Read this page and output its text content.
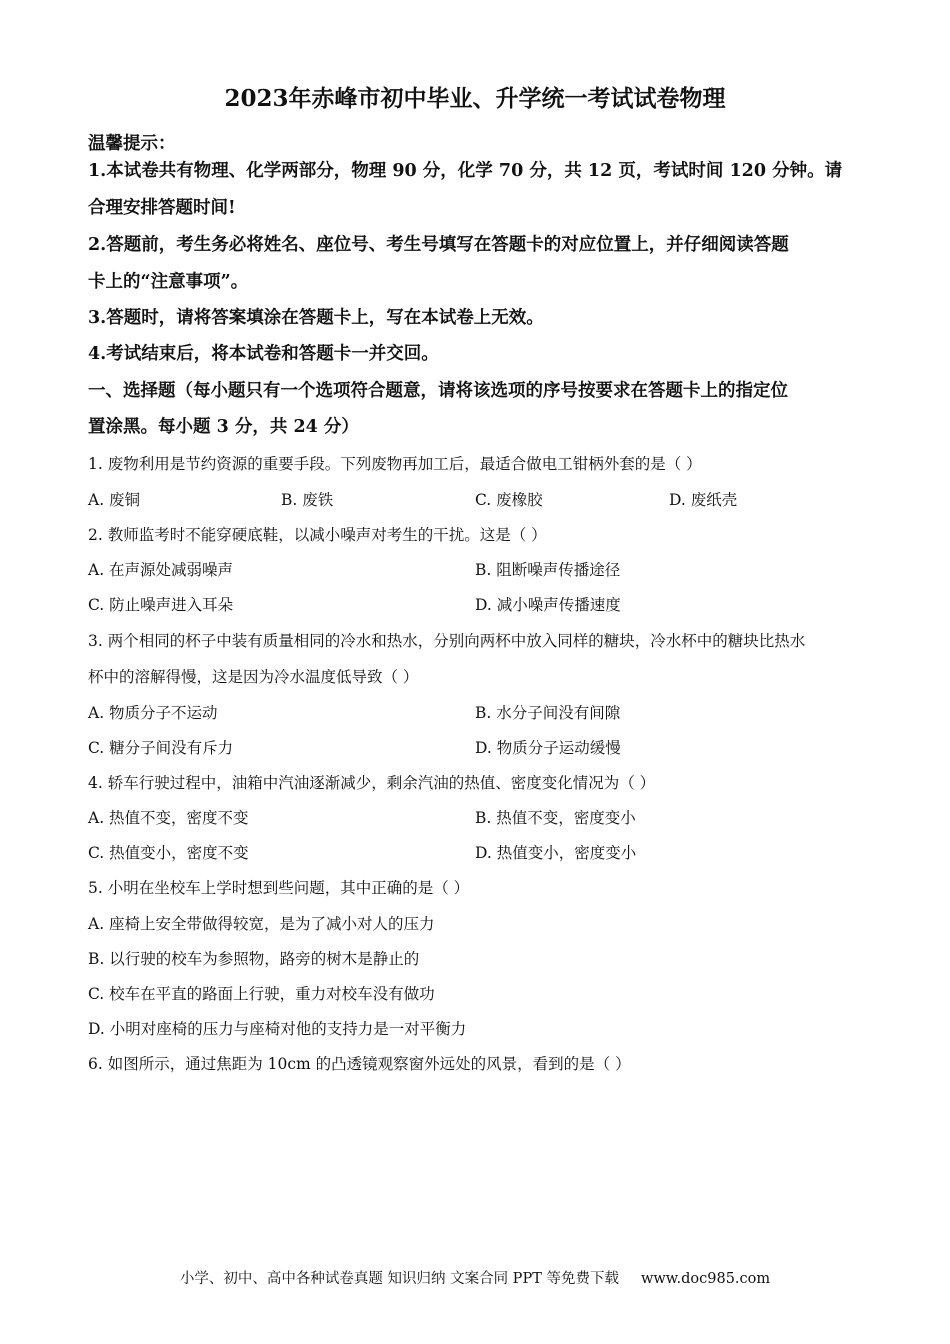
2023年赤峰市初中毕业、升学统一考试试卷物理
温馨提示：
1.本试卷共有物理、化学两部分，物理 90 分，化学 70 分，共 12 页，考试时间 120 分钟。请
合理安排答题时间!
2.答题前，考生务必将姓名、座位号、考生号填写在答题卡的对应位置上，并仔细阅读答题
卡上的“注意事项”。
3.答题时，请将答案填涂在答题卡上，写在本试卷上无效。
4.考试结束后，将本试卷和答题卡一并交回。
一、选择题（每小题只有一个选项符合题意，请将该选项的序号按要求在答题卡上的指定位
置涂黑。每小题 3 分，共 24 分）
1. 废物利用是节约资源的重要手段。下列废物再加工后，最适合做电工钳柄外套的是（ ）
A. 废铜	B. 废铁	C. 废橡胶	D. 废纸壳
2. 教师监考时不能穿硬底鞋，以减小噪声对考生的干扰。这是（ ）
A. 在声源处减弱噪声	B. 阻断噪声传播途径
C. 防止噪声进入耳朵	D. 减小噪声传播速度
3. 两个相同的杯子中装有质量相同的冷水和热水，分别向两杯中放入同样的糖块，冷水杯中的糖块比热水
杯中的溶解得慢，这是因为冷水温度低导致（ ）
A. 物质分子不运动	B. 水分子间没有间隙
C. 糖分子间没有斥力	D. 物质分子运动缓慢
4. 轿车行驶过程中，油箱中汽油逐渐减少，剩余汽油的热值、密度变化情况为（ ）
A. 热值不变，密度不变	B. 热值不变，密度变小
C. 热值变小，密度不变	D. 热值变小，密度变小
5. 小明在坐校车上学时想到些问题，其中正确的是（ ）
A. 座椅上安全带做得较宽，是为了减小对人的压力
B. 以行驶的校车为参照物，路旁的树木是静止的
C. 校车在平直的路面上行驶，重力对校车没有做功
D. 小明对座椅的压力与座椅对他的支持力是一对平衡力
6. 如图所示，通过焦距为 10cm 的凸透镜观察窗外远处的风景，看到的是（ ）
小学、初中、高中各种试卷真题 知识归纳 文案合同 PPT 等免费下载 www.doc985.com
